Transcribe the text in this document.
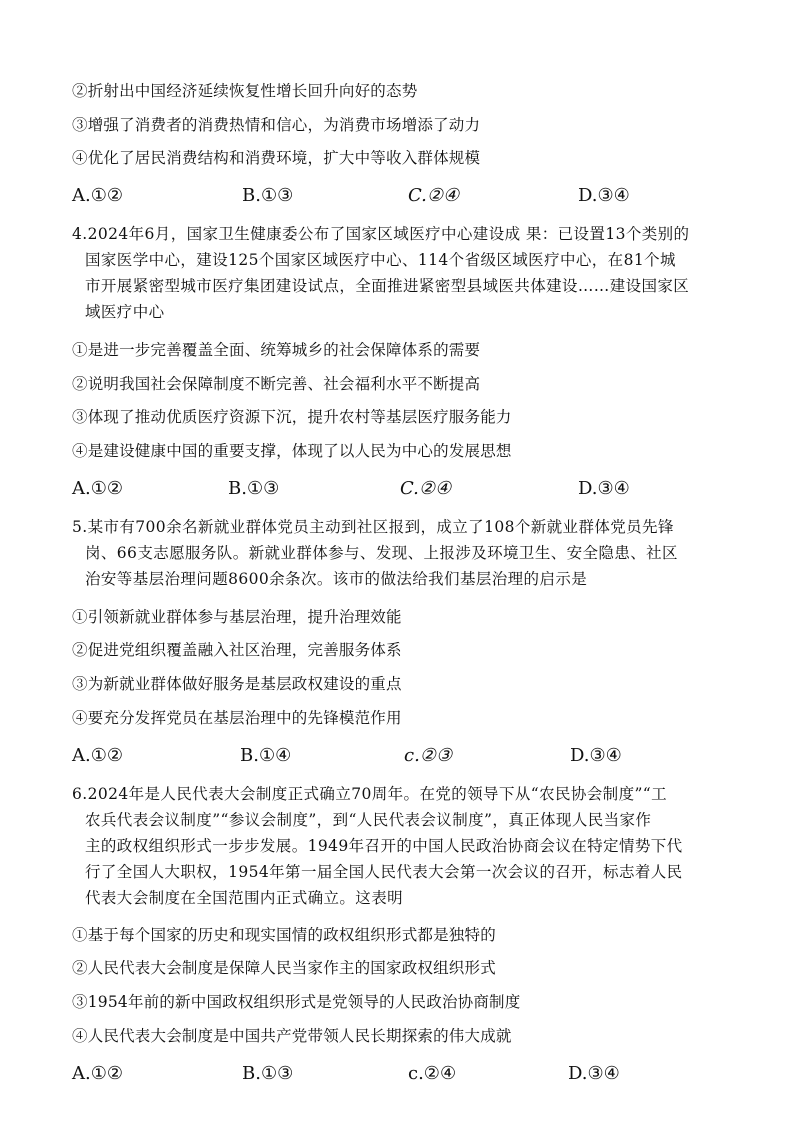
②折射出中国经济延续恢复性增长回升向好的态势
③增强了消费者的消费热情和信心，为消费市场增添了动力
④优化了居民消费结构和消费环境，扩大中等收入群体规模
A.①②	B.①③	C.②④	D.③④
4.2024年6月，国家卫生健康委公布了国家区域医疗中心建设成 果：已设置13个类别的
国家医学中心，建设125个国家区域医疗中心、114个省级区域医疗中心，在81个城
市开展紧密型城市医疗集团建设试点，全面推进紧密型县域医共体建设……建设国家区
域医疗中心
①是进一步完善覆盖全面、统筹城乡的社会保障体系的需要
②说明我国社会保障制度不断完善、社会福利水平不断提高
③体现了推动优质医疗资源下沉，提升农村等基层医疗服务能力
④是建设健康中国的重要支撑，体现了以人民为中心的发展思想
A.①②	B.①③	C.②④	D.③④
5.某市有700余名新就业群体党员主动到社区报到，成立了108个新就业群体党员先锋
岗、66支志愿服务队。新就业群体参与、发现、上报涉及环境卫生、安全隐患、社区
治安等基层治理问题8600余条次。该市的做法给我们基层治理的启示是
①引领新就业群体参与基层治理，提升治理效能
②促进党组织覆盖融入社区治理，完善服务体系
③为新就业群体做好服务是基层政权建设的重点
④要充分发挥党员在基层治理中的先锋模范作用
A.①②	B.①④	c.②③	D.③④
6.2024年是人民代表大会制度正式确立70周年。在党的领导下从“农民协会制度”“工
农兵代表会议制度”“参议会制度”，到“人民代表会议制度”，真正体现人民当家作
主的政权组织形式一步步发展。1949年召开的中国人民政治协商会议在特定情势下代
行了全国人大职权，1954年第一届全国人民代表大会第一次会议的召开，标志着人民
代表大会制度在全国范围内正式确立。这表明
①基于每个国家的历史和现实国情的政权组织形式都是独特的
②人民代表大会制度是保障人民当家作主的国家政权组织形式
③1954年前的新中国政权组织形式是党领导的人民政治协商制度
④人民代表大会制度是中国共产党带领人民长期探索的伟大成就
A.①②	B.①③	c.②④	D.③④
